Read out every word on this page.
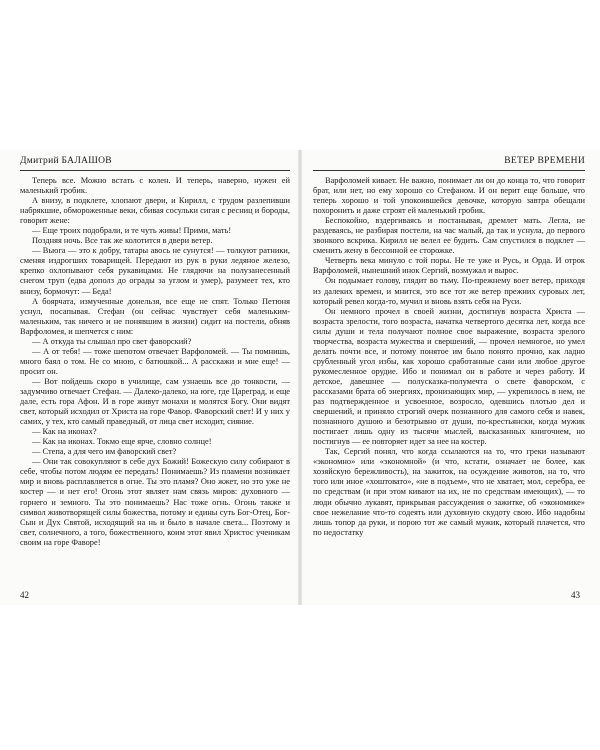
Дмитрий БАЛАШОВ

Теперь все. Можно встать с колен. И теперь, наверно, нужен ей маленький гробик.

А внизу, в подклете, хлопают двери, и Кирилл, с трудом разлепивши набрякшие, обмороженные веки, сбивая сосульки сигая с ресниц и бороды, говорит жене:

— Еще троих подобрали, и те чуть живы! Прими, мать!

Поздняя ночь. Все так же колотится в двери ветер.

— Вьюга — это к добру, татары авось не сунутся! — толкуют ратники, сменяя издрогших товарищей. Передают из рук в руки ледяное железо, крепко охлопывают себя рукавицами. Не глядючи на полузанесенный снегом труп (едва дополз до ограды за углом и умер), разумеет тех, кто внизу, бормочут: — Беда!

А боярчата, измученные донельзя, все еще не спят. Только Петюня уснул, посапывая. Стефан (он сейчас чувствует себя маленьким-маленьким, так ничего и не понявшим в жизни) сидит на постели, обняв Варфоломея, и шепчется с ним:

— А откуда ты слышал про свет фаворский?

— А от тебя! — тоже шепотом отвечает Варфоломей. — Ты помнишь, много баял о том. Не со мною, с батюшкой... А расскажи и мне еще! — просит он.

— Вот пойдешь скоро в училище, сам узнаешь все до тонкости, — задумчиво отвечает Стефан. — Далеко-далеко, на юге, где Цареград, и еще дале, есть гора Афон. И в горе живут монахи и молятся Богу. Они видят свет, который исходил от Христа на горе Фавор. Фаворский свет! И у них у самих, у тех, кто самый праведный, от лица свет исходит, сияние.

— Как на иконах?

— Как на иконах. Токмо еще ярче, словно солнце!

— Степа, а для чего им фаворский свет?

— Они так совокупляют в себе дух Божий! Божескую силу собирают в себе, чтобы потом людям ее передать! Понимаешь? Из пламени возникает мир и вновь расплавляется в огне. Ты это пламя? Оно жжет, но это уже не костер — и нет его! Огонь этот являет нам связь миров: духовного — горнего и земного. Ты это понимаешь? Нас тоже огнь. Огонь также и символ животворящей силы божества, потому и едины суть Бог-Отец, Бог-Сын и Дух Святой, исходящий на нь и было в начале света... Поэтому и свет, солнечного, а того, божественного, коим этот явил Христос ученикам своим на горе Фаворе!

ВЕТЕР ВРЕМЕНИ

Варфоломей кивает. Не важно, понимает ли он до конца то, что говорит брат, или нет, но ему хорошо со Стефаном. И он верит еще больше, что теперь хорошо и той упокоившейся девочке, которую завтра обещали похоронить и даже строят ей маленький гробик.

Беспокойно, вздергиваясь и постанывая, дремлет мать. Легла, не раздеваясь, не разбирая постели, на час малый, да так и уснула, до первого звонкого вскрика. Кирилл не велел ее будить. Сам спустился в подклет — сменить жену в бессонной ее сторожке.

Четверть века минуло с той поры. Не те уже и Русь, и Орда. И отрок Варфоломей, нынешний инок Сергий, возмужал и вырос.

Он подымает голову, глядит во тьму. По-прежнему воет ветер, приходя из далеких времен, и мнится, это все тот же ветер прежних суровых лет, который ревел когда-то, мучил и вновь взять себя на Руси.

Он немного прочел в своей жизни, достигнув возраста Христа — возраста зрелости, того возраста, начатка четвертого десятка лет, когда все силы души и тела получают полное свое выражение, возраста зрелого творчества, возраста мужества и свершений, — прочел немногое, но умел делать почти все, и потому понятое им было понято прочно, как ладно срубленный угол избы, как хорошо сработанные сани или любое другое рукомесленное орудие. Ибо и понимал он в работе и через работу. И детское, давешнее — полусказка-полумечта о свете фаворском, с рассказами брата об энергиях, пронизающих мир, — укрепилось в нем, не раз подтвержденное и усвоенное, возросло, одевшись плотью дел и свершений, и приняло строгий очерк познанного для самого себя и навек, познанного душою и безотрывно от души, по-крестьянски, когда мужик постигает лишь одну из тысячи мыслей, высказанных книгочием, но постигнув — ее повторяет идет за нее на костер.

Так, Сергий понял, что когда ссылаются на то, что греки называют «экономно» или «экономной» (и что, кстати, означает не более, как хозяйскую бережливость), на зажиток, на осуждение животов, на то, что того или иное «хоштовато», «не в подъем», что не хватает, мол, серебра, ее по средствам (и при этом кивают на их, не по средствам имеющих), — то люди обычно лукавят, прикрывая рассуждения о зажитке, об «экономике» свое нежелание что-то содеять или духовную скудоту свою. Ибо надобны лишь топор да руки, и порою тот же самый мужик, который плачется, что по недостатку

42	43
